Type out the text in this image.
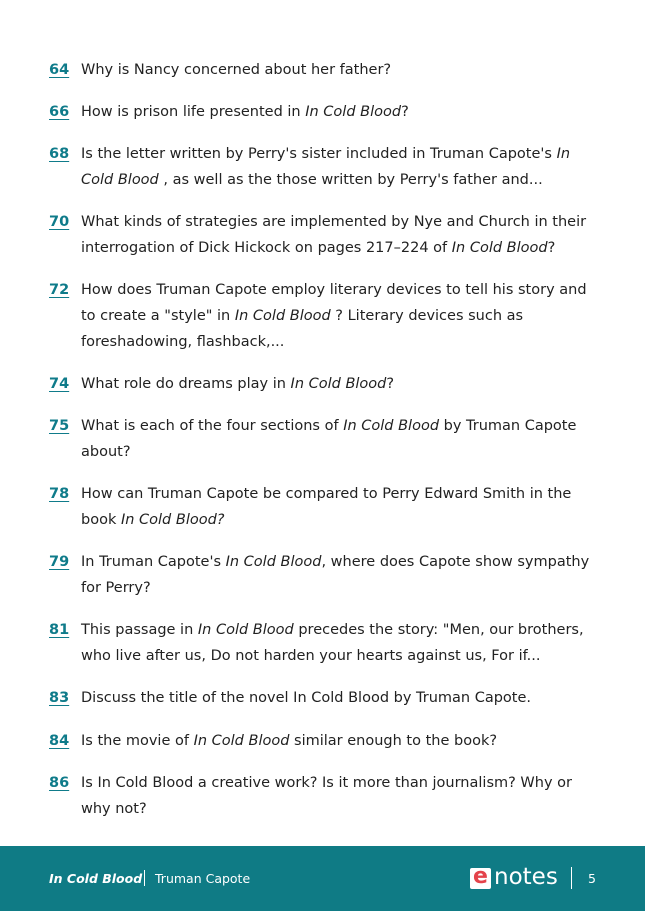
64 Why is Nancy concerned about her father?
66 How is prison life presented in In Cold Blood?
68 Is the letter written by Perry's sister included in Truman Capote's In Cold Blood , as well as the those written by Perry's father and...
70 What kinds of strategies are implemented by Nye and Church in their interrogation of Dick Hickock on pages 217–224 of In Cold Blood?
72 How does Truman Capote employ literary devices to tell his story and to create a "style" in In Cold Blood ? Literary devices such as foreshadowing, flashback,...
74 What role do dreams play in In Cold Blood?
75 What is each of the four sections of In Cold Blood by Truman Capote about?
78 How can Truman Capote be compared to Perry Edward Smith in the book In Cold Blood?
79 In Truman Capote's In Cold Blood, where does Capote show sympathy for Perry?
81 This passage in In Cold Blood precedes the story: "Men, our brothers, who live after us, Do not harden your hearts against us, For if...
83 Discuss the title of the novel In Cold Blood by Truman Capote.
84 Is the movie of In Cold Blood similar enough to the book?
86 Is In Cold Blood a creative work? Is it more than journalism? Why or why not?
In Cold Blood Truman Capote	e notes 5
